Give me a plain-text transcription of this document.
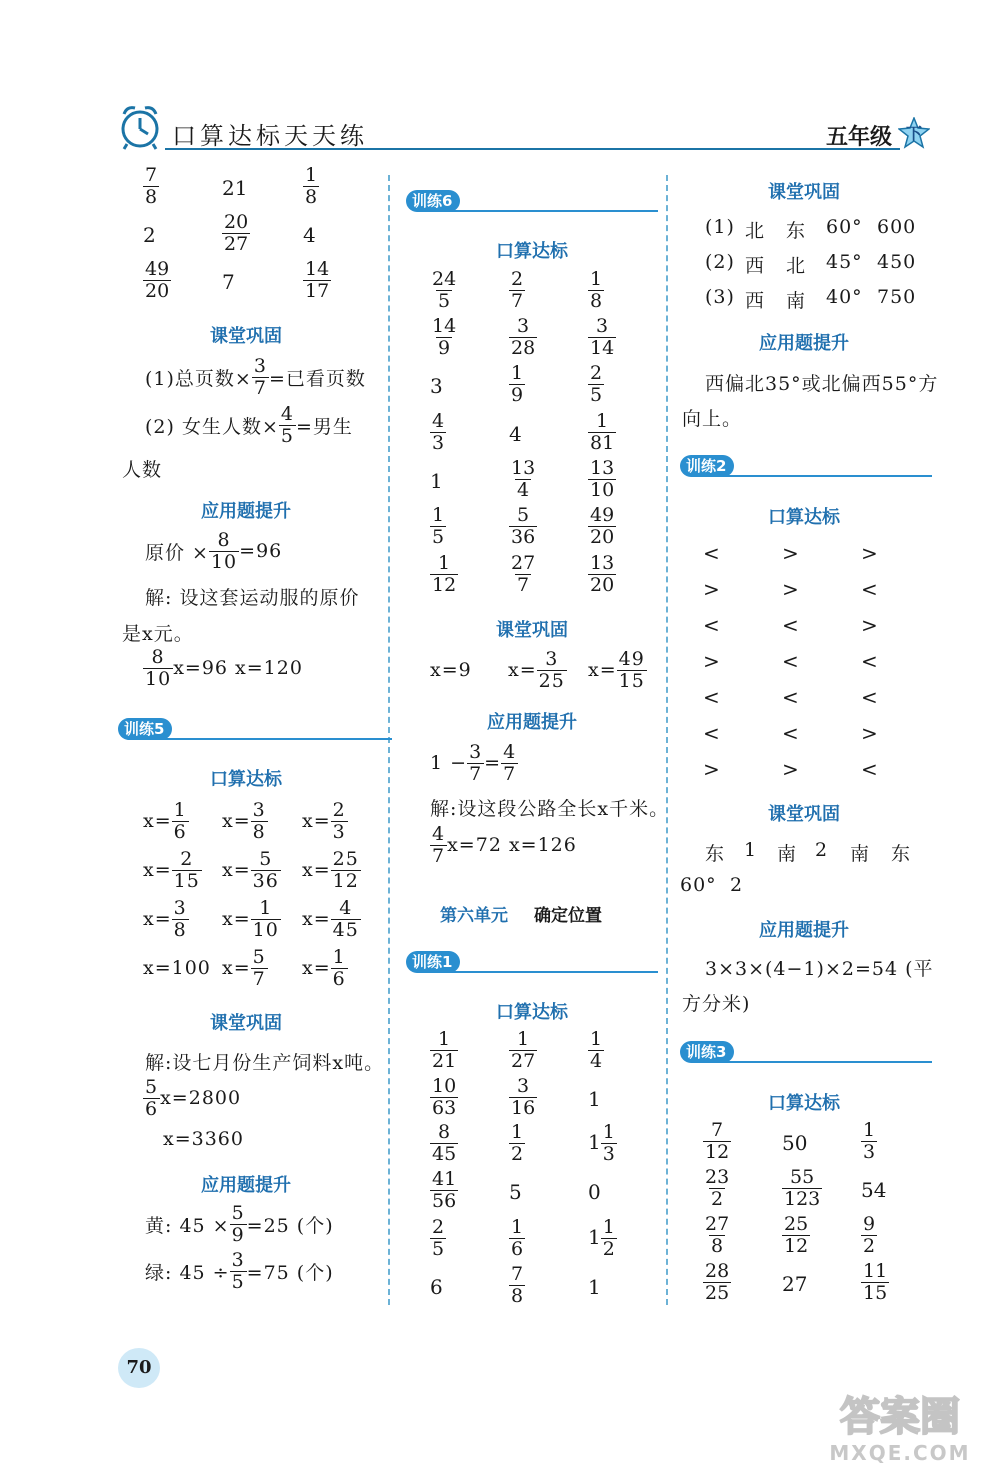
口算达标天天练	五年级 下
$\frac{7}{8}$	21	$\frac{1}{8}$
2	$\frac{20}{27}$	4
$\frac{49}{20}$	7	$\frac{14}{17}$
课堂巩固
(1)总页数× $\frac{3}{7}$ =已看页数
(2) 女生人数× $\frac{4}{5}$ =男生
人数
应用题提升
原价 × $\frac{8}{10} =96$
解: 设这套运动服的原价
是x元。
$\frac{8}{10} x=96$ x=120
训练5
口算达标
$x= \frac{1}{6} x= \frac{3}{8} x= \frac{2}{3}$
$x= \frac{2}{15} x= \frac{5}{36} x= \frac{25}{12}$
$x= \frac{3}{8} x= \frac{1}{10} x= \frac{4}{45}$
x=100 $x= \frac{5}{7} x= \frac{1}{6}$
课堂巩固
解:设七月份生产饲料x吨。
$\frac{5}{6} x=2800$
x=3360
应用题提升
黄: $45 \times \frac{5}{9} =25$ (个)
绿: $45 \div \frac{3}{5} =75$ (个)
训练6
口算达标
$\frac{24}{5}$	$\frac{2}{7}$	$\frac{1}{8}$
$\frac{14}{9}$	$\frac{3}{28}$	$\frac{3}{14}$
3	$\frac{1}{9}$	$\frac{2}{5}$
$\frac{4}{3}$	4	$\frac{1}{81}$
1	$\frac{13}{4}$	$\frac{13}{10}$
$\frac{1}{5}$	$\frac{5}{36}$	$\frac{49}{20}$
$\frac{1}{12}$	$\frac{27}{7}$	$\frac{13}{20}$
课堂巩固
x=9 $x= \frac{3}{25} x= \frac{49}{15}$
应用题提升
$1 - \frac{3}{7} = \frac{4}{7}$
解:设这段公路全长x千米。
$\frac{4}{7} x=72$ x=126
第六单元 确定位置
训练1
口算达标
$\frac{1}{21}$	$\frac{1}{27}$	$\frac{1}{4}$
$\frac{10}{63}$	$\frac{3}{16}$	1
$\frac{8}{45}$	$\frac{1}{2}$	$1 \frac{1}{3}$
$\frac{41}{56}$	5	0
$\frac{2}{5}$	$\frac{1}{6}$	$1 \frac{1}{2}$
6	$\frac{7}{8}$	1
课堂巩固
(1) 北 东 60° 600
(2) 西 北 45° 450
(3) 西 南 40° 750
应用题提升
西偏北35°或北偏西55°方
向上。
训练2
口算达标
<	>	>
>	>	<
<	<	>
>	<	<
<	<	<
<	<	>
>	>	<
课堂巩固
东 1 南 2 南 东
60° 2
应用题提升
3×3×(4−1)×2=54 (平
方分米)
训练3
口算达标
$\frac{7}{12}$	50	$\frac{1}{3}$
$\frac{23}{2}$	$\frac{55}{123} 54$
$\frac{27}{8}$	$\frac{25}{12}$	$\frac{9}{2}$
$\frac{28}{25}$	27	$\frac{11}{15}$
70
答案圈
MXQE.COM
